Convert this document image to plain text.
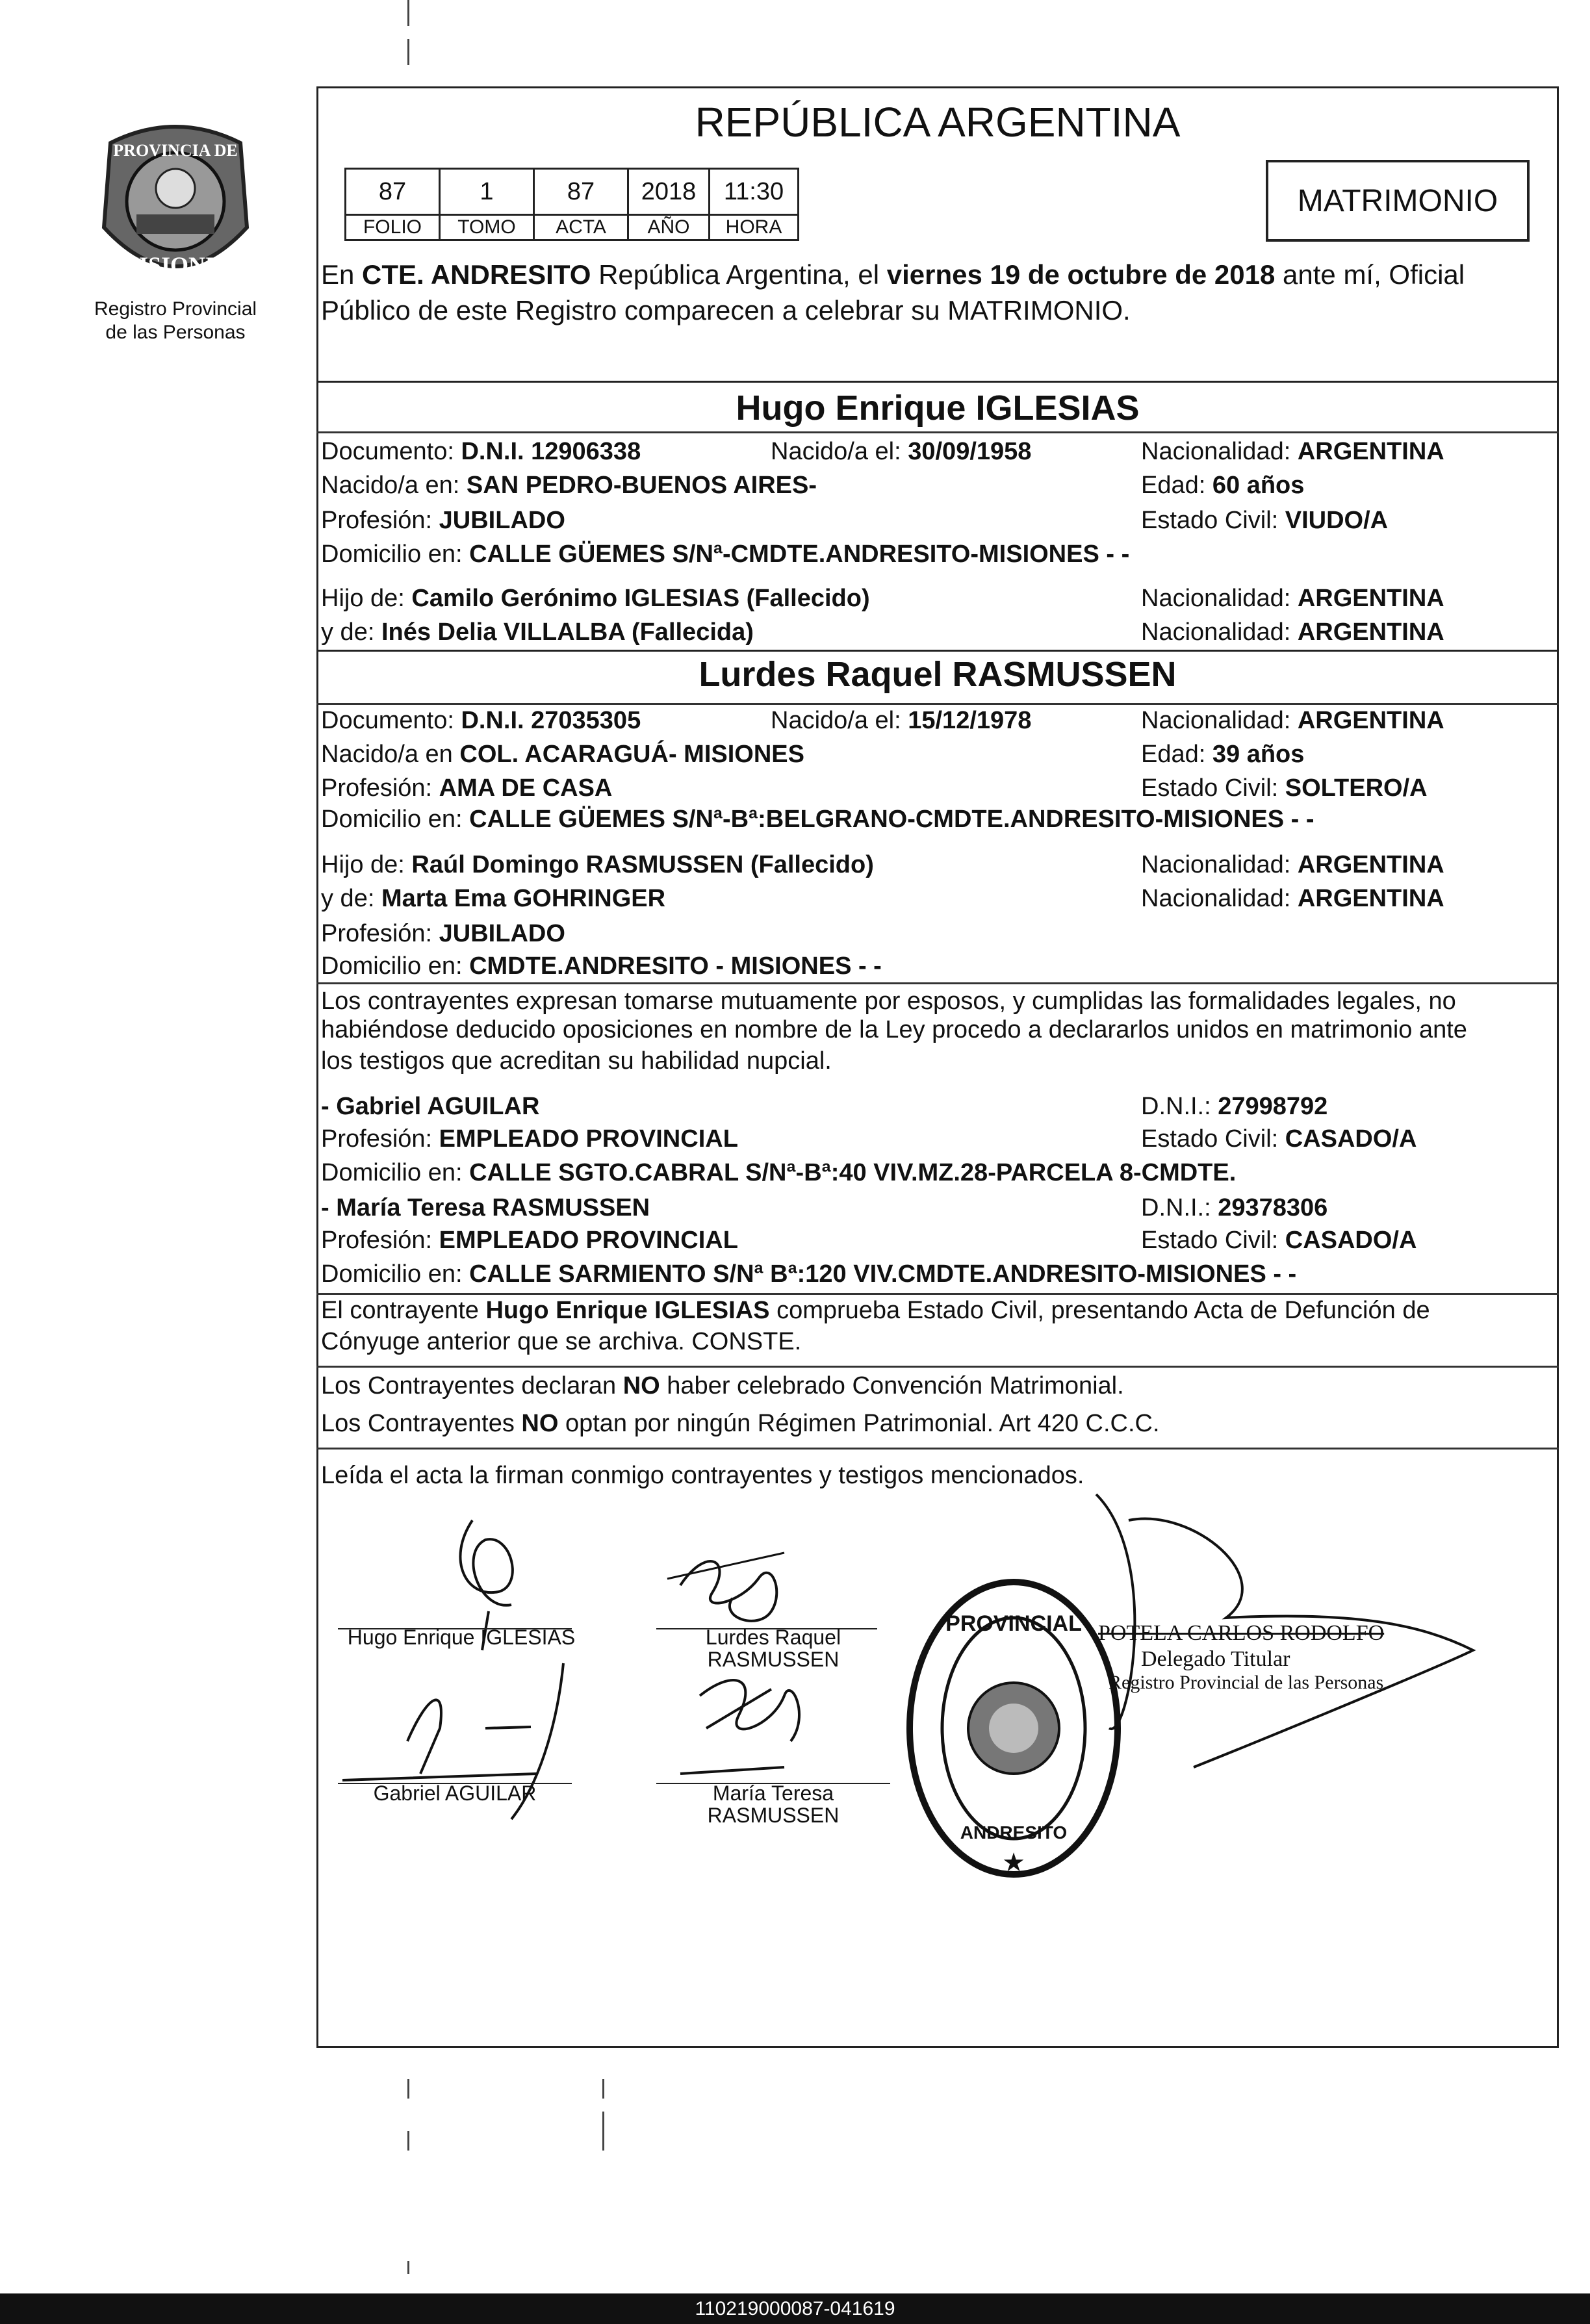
PROVINCIA DE
MISIONES
Registro Provincial
de las Personas
REPÚBLICA ARGENTINA
87	1	87	2018	11:30
FOLIO	TOMO	ACTA	AÑO	HORA
MATRIMONIO
En CTE. ANDRESITO República Argentina, el viernes 19 de octubre de 2018 ante mí, Oficial
Público de este Registro comparecen a celebrar su MATRIMONIO.
Hugo Enrique IGLESIAS
Documento: D.N.I. 12906338	Nacido/a el: 30/09/1958	Nacionalidad: ARGENTINA
Nacido/a en: SAN PEDRO-BUENOS AIRES-	Edad: 60 años
Profesión: JUBILADO	Estado Civil: VIUDO/A
Domicilio en: CALLE GÜEMES S/Nª-CMDTE.ANDRESITO-MISIONES - -
Hijo de: Camilo Gerónimo IGLESIAS (Fallecido)	Nacionalidad: ARGENTINA
y de: Inés Delia VILLALBA (Fallecida)	Nacionalidad: ARGENTINA
Lurdes Raquel RASMUSSEN
Documento: D.N.I. 27035305	Nacido/a el: 15/12/1978	Nacionalidad: ARGENTINA
Nacido/a en COL. ACARAGUÁ- MISIONES	Edad: 39 años
Profesión: AMA DE CASA	Estado Civil: SOLTERO/A
Domicilio en: CALLE GÜEMES S/Nª-Bª:BELGRANO-CMDTE.ANDRESITO-MISIONES - -
Hijo de: Raúl Domingo RASMUSSEN (Fallecido)	Nacionalidad: ARGENTINA
y de: Marta Ema GOHRINGER	Nacionalidad: ARGENTINA
Profesión: JUBILADO
Domicilio en: CMDTE.ANDRESITO - MISIONES - -
Los contrayentes expresan tomarse mutuamente por esposos, y cumplidas las formalidades legales, no
habiéndose deducido oposiciones en nombre de la Ley procedo a declararlos unidos en matrimonio ante
los testigos que acreditan su habilidad nupcial.
- Gabriel AGUILAR	D.N.I.: 27998792
Profesión: EMPLEADO PROVINCIAL	Estado Civil: CASADO/A
Domicilio en: CALLE SGTO.CABRAL S/Nª-Bª:40 VIV.MZ.28-PARCELA 8-CMDTE.
- María Teresa RASMUSSEN	D.N.I.: 29378306
Profesión: EMPLEADO PROVINCIAL	Estado Civil: CASADO/A
Domicilio en: CALLE SARMIENTO S/Nª Bª:120 VIV.CMDTE.ANDRESITO-MISIONES - -
El contrayente Hugo Enrique IGLESIAS comprueba Estado Civil, presentando Acta de Defunción de
Cónyuge anterior que se archiva. CONSTE.
Los Contrayentes declaran NO haber celebrado Convención Matrimonial.
Los Contrayentes NO optan por ningún Régimen Patrimonial. Art 420 C.C.C.
Leída el acta la firman conmigo contrayentes y testigos mencionados.
Hugo Enrique IGLESIAS	Lurdes Raquel
RASMUSSEN
Gabriel AGUILAR	María Teresa
RASMUSSEN
★
PROVINCIAL
ANDRESITO
POTELA CARLOS RODOLFO
Delegado Titular
Registro Provincial de las Personas
110219000087-041619
